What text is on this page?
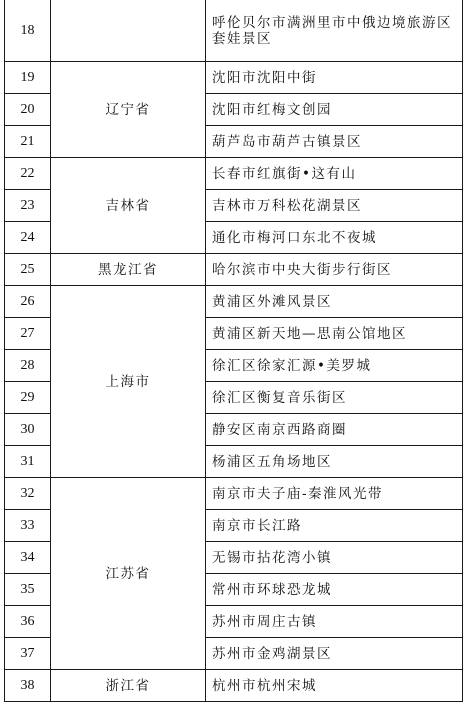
18		呼伦贝尔市满洲里市中俄边境旅游区套娃景区
19	辽宁省	沈阳市沈阳中街
20		沈阳市红梅文创园
21		葫芦岛市葫芦古镇景区
22	吉林省	长春市红旗街•这有山
23		吉林市万科松花湖景区
24		通化市梅河口东北不夜城
25	黑龙江省	哈尔滨市中央大街步行街区
26	上海市	黄浦区外滩风景区
27		黄浦区新天地—思南公馆地区
28		徐汇区徐家汇源•美罗城
29		徐汇区衡复音乐街区
30		静安区南京西路商圈
31		杨浦区五角场地区
32	江苏省	南京市夫子庙-秦淮风光带
33		南京市长江路
34		无锡市拈花湾小镇
35		常州市环球恐龙城
36		苏州市周庄古镇
37		苏州市金鸡湖景区
38	浙江省	杭州市杭州宋城
